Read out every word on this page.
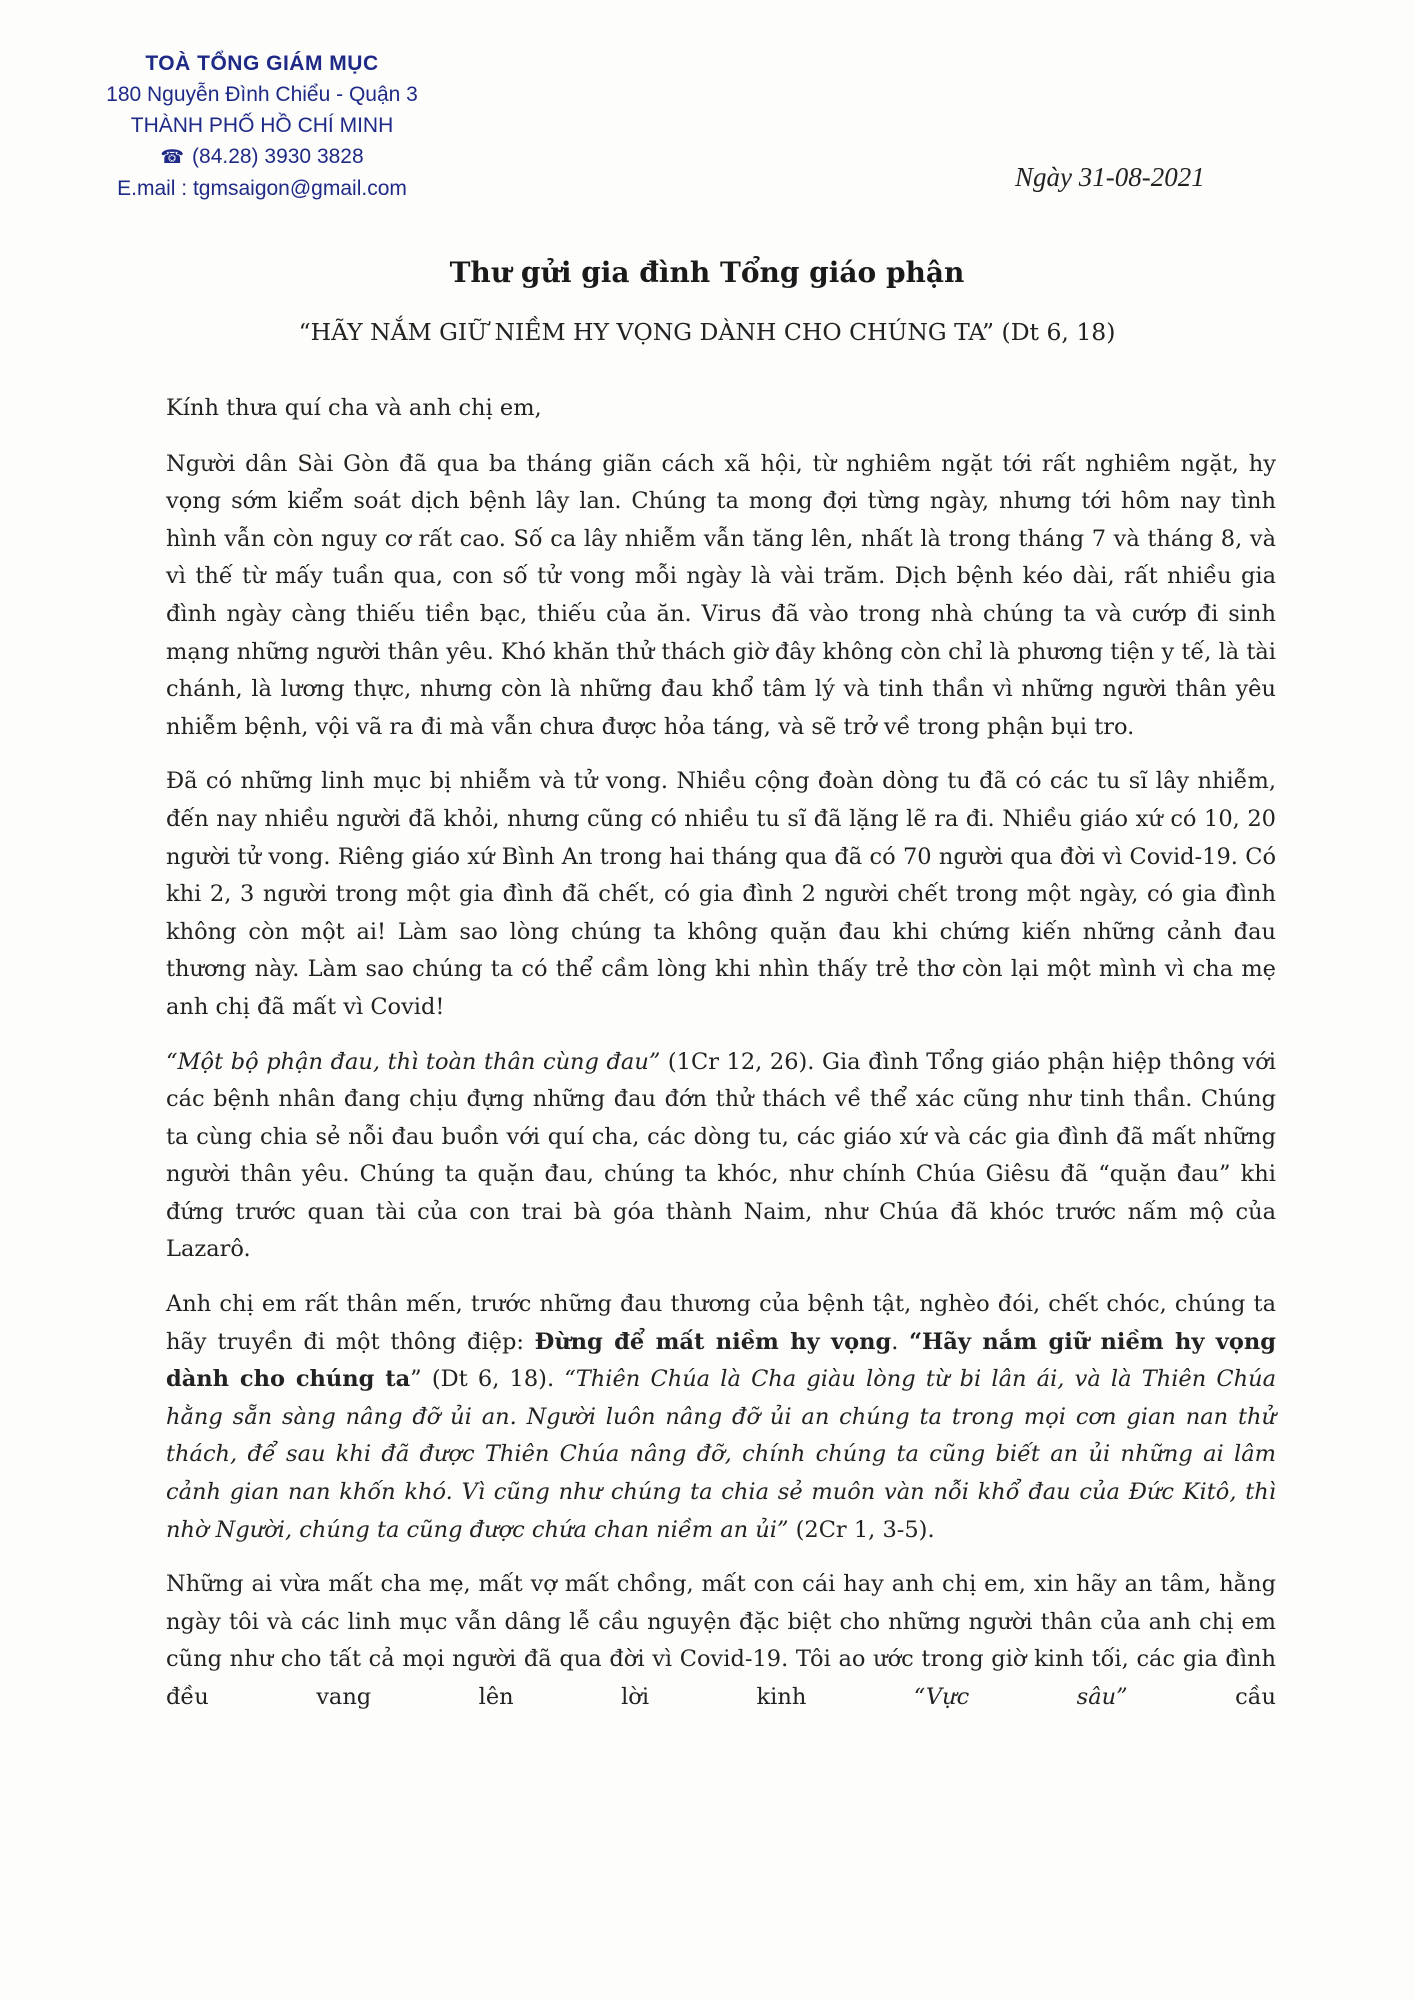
TOÀ TỔNG GIÁM MỤC
180 Nguyễn Đình Chiểu - Quận 3
THÀNH PHỐ HỒ CHÍ MINH
☎ (84.28) 3930 3828
E.mail : tgmsaigon@gmail.com	Ngày 31-08-2021
Thư gửi gia đình Tổng giáo phận
“HÃY NẮM GIỮ NIỀM HY VỌNG DÀNH CHO CHÚNG TA” (Dt 6, 18)

Kính thưa quí cha và anh chị em,

Người dân Sài Gòn đã qua ba tháng giãn cách xã hội, từ nghiêm ngặt tới rất nghiêm ngặt, hy vọng sớm kiểm soát dịch bệnh lây lan. Chúng ta mong đợi từng ngày, nhưng tới hôm nay tình hình vẫn còn nguy cơ rất cao. Số ca lây nhiễm vẫn tăng lên, nhất là trong tháng 7 và tháng 8, và vì thế từ mấy tuần qua, con số tử vong mỗi ngày là vài trăm. Dịch bệnh kéo dài, rất nhiều gia đình ngày càng thiếu tiền bạc, thiếu của ăn. Virus đã vào trong nhà chúng ta và cướp đi sinh mạng những người thân yêu. Khó khăn thử thách giờ đây không còn chỉ là phương tiện y tế, là tài chánh, là lương thực, nhưng còn là những đau khổ tâm lý và tinh thần vì những người thân yêu nhiễm bệnh, vội vã ra đi mà vẫn chưa được hỏa táng, và sẽ trở về trong phận bụi tro.

Đã có những linh mục bị nhiễm và tử vong. Nhiều cộng đoàn dòng tu đã có các tu sĩ lây nhiễm, đến nay nhiều người đã khỏi, nhưng cũng có nhiều tu sĩ đã lặng lẽ ra đi. Nhiều giáo xứ có 10, 20 người tử vong. Riêng giáo xứ Bình An trong hai tháng qua đã có 70 người qua đời vì Covid-19. Có khi 2, 3 người trong một gia đình đã chết, có gia đình 2 người chết trong một ngày, có gia đình không còn một ai! Làm sao lòng chúng ta không quặn đau khi chứng kiến những cảnh đau thương này. Làm sao chúng ta có thể cầm lòng khi nhìn thấy trẻ thơ còn lại một mình vì cha mẹ anh chị đã mất vì Covid!

“Một bộ phận đau, thì toàn thân cùng đau” (1Cr 12, 26). Gia đình Tổng giáo phận hiệp thông với các bệnh nhân đang chịu đựng những đau đớn thử thách về thể xác cũng như tinh thần. Chúng ta cùng chia sẻ nỗi đau buồn với quí cha, các dòng tu, các giáo xứ và các gia đình đã mất những người thân yêu. Chúng ta quặn đau, chúng ta khóc, như chính Chúa Giêsu đã “quặn đau” khi đứng trước quan tài của con trai bà góa thành Naim, như Chúa đã khóc trước nấm mộ của Lazarô.

Anh chị em rất thân mến, trước những đau thương của bệnh tật, nghèo đói, chết chóc, chúng ta hãy truyền đi một thông điệp: Đừng để mất niềm hy vọng. “Hãy nắm giữ niềm hy vọng dành cho chúng ta” (Dt 6, 18). “Thiên Chúa là Cha giàu lòng từ bi lân ái, và là Thiên Chúa hằng sẵn sàng nâng đỡ ủi an. Người luôn nâng đỡ ủi an chúng ta trong mọi cơn gian nan thử thách, để sau khi đã được Thiên Chúa nâng đỡ, chính chúng ta cũng biết an ủi những ai lâm cảnh gian nan khốn khó. Vì cũng như chúng ta chia sẻ muôn vàn nỗi khổ đau của Đức Kitô, thì nhờ Người, chúng ta cũng được chứa chan niềm an ủi” (2Cr 1, 3-5).

Những ai vừa mất cha mẹ, mất vợ mất chồng, mất con cái hay anh chị em, xin hãy an tâm, hằng ngày tôi và các linh mục vẫn dâng lễ cầu nguyện đặc biệt cho những người thân của anh chị em cũng như cho tất cả mọi người đã qua đời vì Covid-19. Tôi ao ước trong giờ kinh tối, các gia đình đều vang lên lời kinh “Vực sâu” cầu
